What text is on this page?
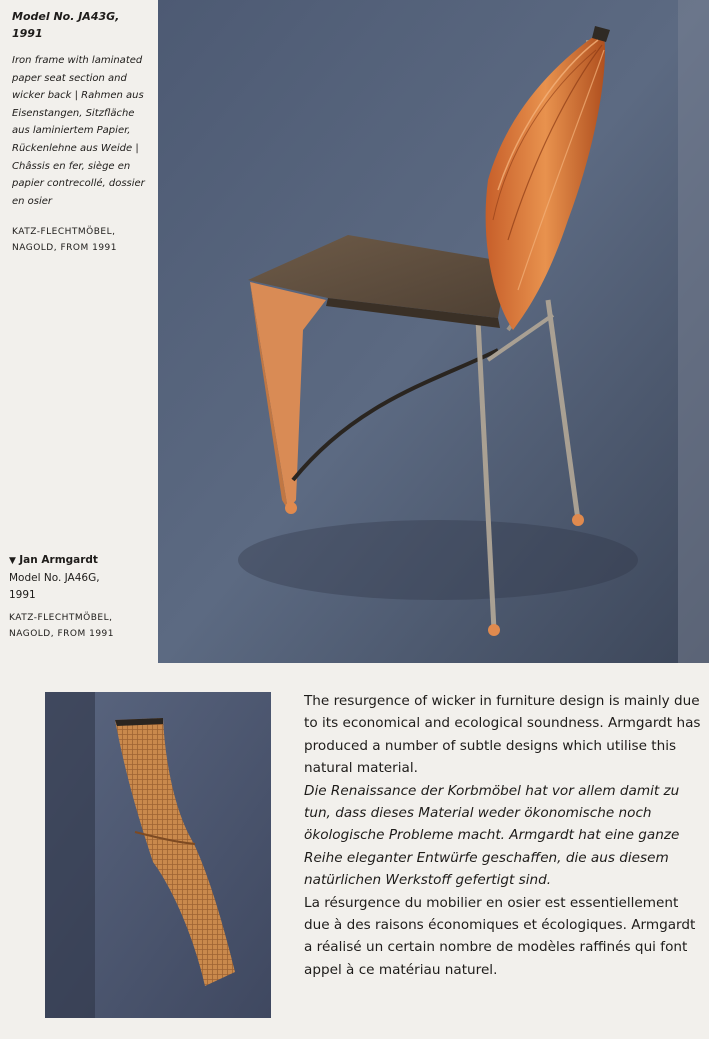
Model No. JA43G,
1991

Iron frame with laminated paper seat section and wicker back | Rahmen aus Eisenstangen, Sitzfläche aus laminiertem Papier, Rückenlehne aus Weide | Châssis en fer, siège en papier contrecollé, dossier en osier

KATZ-FLECHTMÖBEL, NAGOLD, FROM 1991

▼ Jan Armgardt

Model No. JA46G,

1991

KATZ-FLECHTMÖBEL, NAGOLD, FROM 1991

The resurgence of wicker in furniture design is mainly due to its economical and ecological soundness. Armgardt has produced a number of subtle designs which utilise this natural material.

Die Renaissance der Korbmöbel hat vor allem damit zu tun, dass dieses Material weder ökonomische noch ökologische Probleme macht. Armgardt hat eine ganze Reihe eleganter Entwürfe geschaffen, die aus diesem natürlichen Werkstoff gefertigt sind.

La résurgence du mobilier en osier est essentiellement due à des raisons économiques et écologiques. Armgardt a réalisé un certain nombre de modèles raffinés qui font appel à ce matériau naturel.
